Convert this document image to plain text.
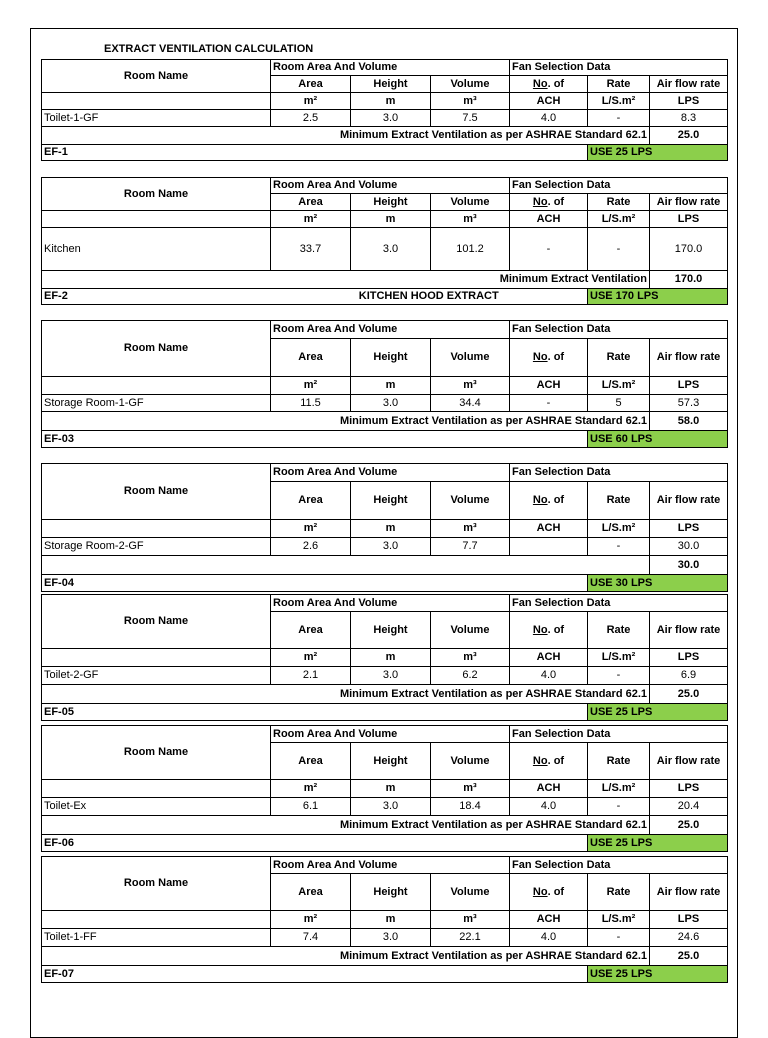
EXTRACT VENTILATION CALCULATION
Room Name	Room Area And Volume			Fan Selection Data		
	Area	Height	Volume	No. of	Rate	Air flow rate
	m²	m	m³	ACH	L/S.m²	LPS
Toilet-1-GF	2.5	3.0	7.5	4.0	-	8.3
Minimum Extract Ventilation as per ASHRAE Standard 62.1						25.0
EF-1					USE 25 LPS	
Room Name	Room Area And Volume			Fan Selection Data		
	Area	Height	Volume	No. of	Rate	Air flow rate
	m²	m	m³	ACH	L/S.m²	LPS
Kitchen	33.7	3.0	101.2	-	-	170.0
Minimum Extract Ventilation						170.0
EF-2	KITCHEN HOOD EXTRACT				USE 170 LPS	
Room Name	Room Area And Volume			Fan Selection Data		
	Area	Height	Volume	No. of	Rate	Air flow rate
	m²	m	m³	ACH	L/S.m²	LPS
Storage Room-1-GF	11.5	3.0	34.4	-	5	57.3
Minimum Extract Ventilation as per ASHRAE Standard 62.1						58.0
EF-03					USE 60 LPS	
Room Name	Room Area And Volume			Fan Selection Data		
	Area	Height	Volume	No. of	Rate	Air flow rate
	m²	m	m³	ACH	L/S.m²	LPS
Storage Room-2-GF	2.6	3.0	7.7		-	30.0
						30.0
EF-04					USE 30 LPS	
Room Name	Room Area And Volume			Fan Selection Data		
	Area	Height	Volume	No. of	Rate	Air flow rate
	m²	m	m³	ACH	L/S.m²	LPS
Toilet-2-GF	2.1	3.0	6.2	4.0	-	6.9
Minimum Extract Ventilation as per ASHRAE Standard 62.1						25.0
EF-05					USE 25 LPS	
Room Name	Room Area And Volume			Fan Selection Data		
	Area	Height	Volume	No. of	Rate	Air flow rate
	m²	m	m³	ACH	L/S.m²	LPS
Toilet-Ex	6.1	3.0	18.4	4.0	-	20.4
Minimum Extract Ventilation as per ASHRAE Standard 62.1						25.0
EF-06					USE 25 LPS	
Room Name	Room Area And Volume			Fan Selection Data		
	Area	Height	Volume	No. of	Rate	Air flow rate
	m²	m	m³	ACH	L/S.m²	LPS
Toilet-1-FF	7.4	3.0	22.1	4.0	-	24.6
Minimum Extract Ventilation as per ASHRAE Standard 62.1						25.0
EF-07					USE 25 LPS	
